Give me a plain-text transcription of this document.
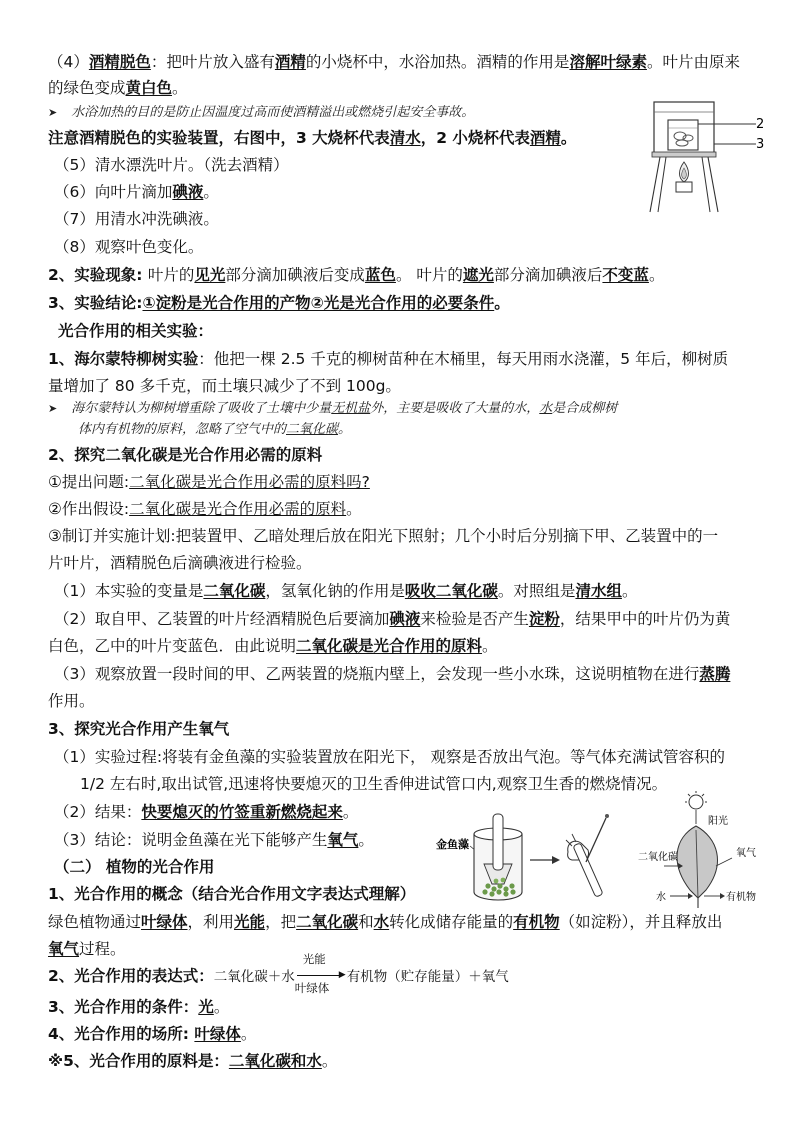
（4）酒精脱色：把叶片放入盛有酒精的小烧杯中，水浴加热。酒精的作用是溶解叶绿素。叶片由原来
的绿色变成黄白色。
➤ 水浴加热的目的是防止因温度过高而使酒精溢出或燃烧引起安全事故。
注意酒精脱色的实验装置，右图中，3 大烧杯代表清水，2 小烧杯代表酒精。
（5）清水漂洗叶片。（洗去酒精）
（6）向叶片滴加碘液。
（7）用清水冲洗碘液。
（8）观察叶色变化。
2、实验现象: 叶片的见光部分滴加碘液后变成蓝色。 叶片的遮光部分滴加碘液后不变蓝。
3、实验结论:①淀粉是光合作用的产物②光是光合作用的必要条件。
光合作用的相关实验：
1、海尔蒙特柳树实验：他把一棵 2.5 千克的柳树苗种在木桶里，每天用雨水浇灌，5 年后，柳树质
量增加了 80 多千克，而土壤只减少了不到 100g。
➤ 海尔蒙特认为柳树增重除了吸收了土壤中少量无机盐外，主要是吸收了大量的水，水是合成柳树
体内有机物的原料，忽略了空气中的二氧化碳。
2、探究二氧化碳是光合作用必需的原料
①提出问题:二氧化碳是光合作用必需的原料吗?
②作出假设:二氧化碳是光合作用必需的原料。
③制订并实施计划:把装置甲、乙暗处理后放在阳光下照射；几个小时后分别摘下甲、乙装置中的一
片叶片，酒精脱色后滴碘液进行检验。
（1）本实验的变量是二氧化碳，氢氧化钠的作用是吸收二氧化碳。对照组是清水组。
（2）取自甲、乙装置的叶片经酒精脱色后要滴加碘液来检验是否产生淀粉，结果甲中的叶片仍为黄
白色，乙中的叶片变蓝色．由此说明二氧化碳是光合作用的原料。
（3）观察放置一段时间的甲、乙两装置的烧瓶内壁上，会发现一些小水珠，这说明植物在进行蒸腾
作用。
3、探究光合作用产生氧气
（1）实验过程:将装有金鱼藻的实验装置放在阳光下， 观察是否放出气泡。等气体充满试管容积的
1/2 左右时,取出试管,迅速将快要熄灭的卫生香伸进试管口内,观察卫生香的燃烧情况。
（2）结果：快要熄灭的竹签重新燃烧起来。
（3）结论：说明金鱼藻在光下能够产生氧气。
（二） 植物的光合作用
1、光合作用的概念（结合光合作用文字表达式理解）
绿色植物通过叶绿体，利用光能，把二氧化碳和水转化成储存能量的有机物（如淀粉），并且释放出
氧气过程。
2、光合作用的表达式：二氧化碳＋水
光能
▶
叶绿体
有机物（贮存能量）＋氧气
3、光合作用的条件：光。
4、光合作用的场所: 叶绿体。
※5、光合作用的原料是：二氧化碳和水。
2
3
金鱼藻
阳光
二氧化碳	氧气
水	有机物
